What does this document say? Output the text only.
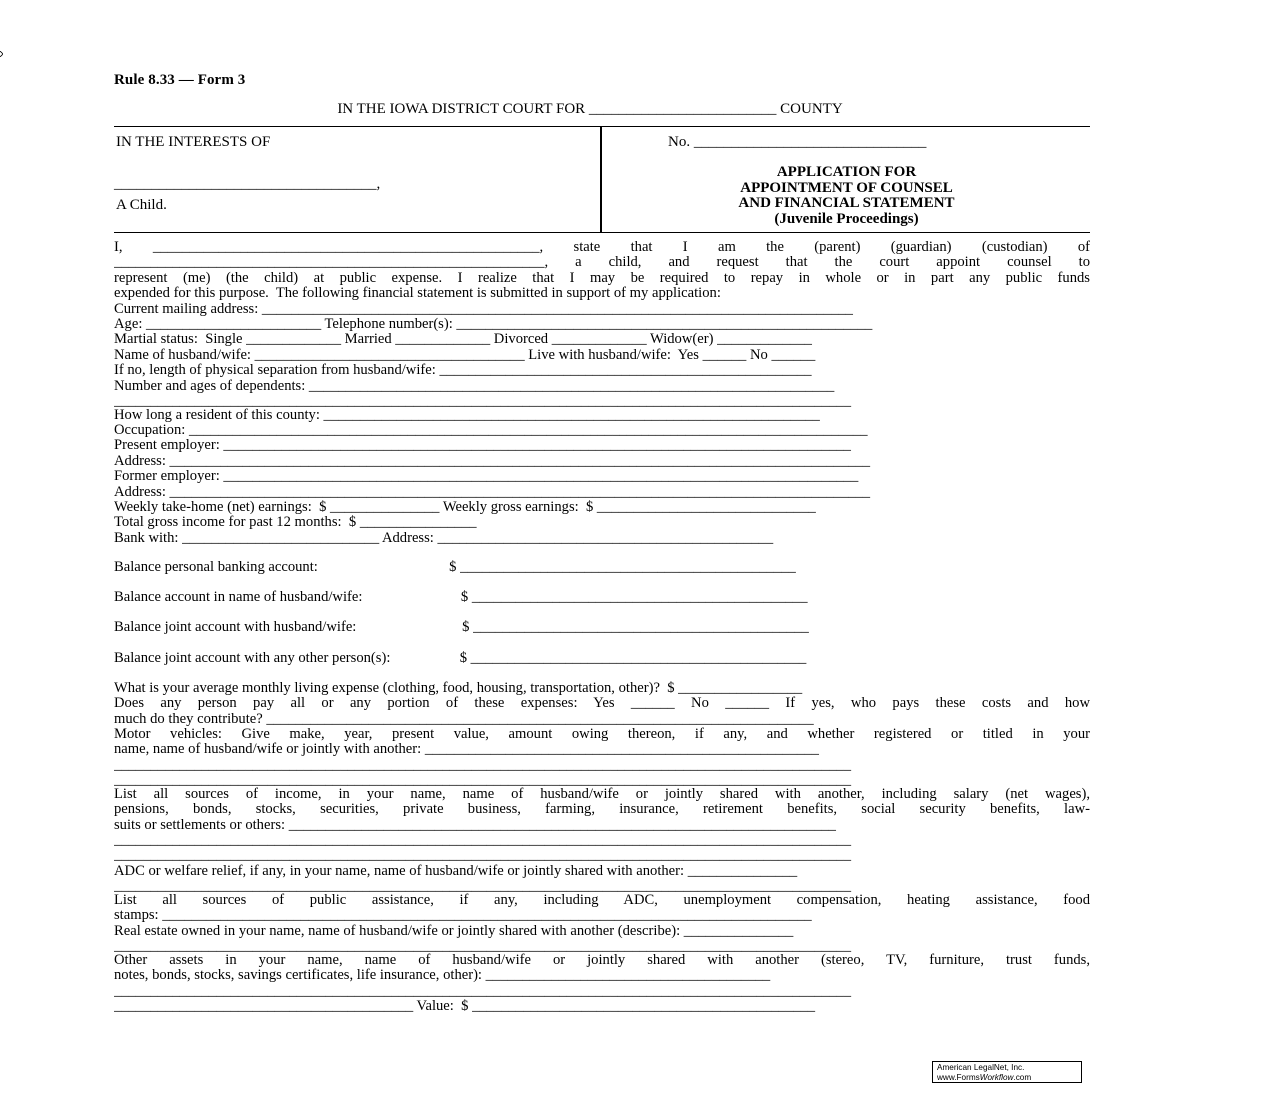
Rule 8.33 — Form 3
IN THE IOWA DISTRICT COURT FOR _________________________ COUNTY
IN THE INTERESTS OF
___________________________________,
A Child.
No. _______________________________
APPLICATION FOR
APPOINTMENT OF COUNSEL
AND FINANCIAL STATEMENT
(Juvenile Proceedings)
I, _____________________________________________________, state that I am the (parent) (guardian) (custodian) of
___________________________________________________________, a child, and request that the court appoint counsel to
represent (me) (the child) at public expense. I realize that I may be required to repay in whole or in part any public funds
expended for this purpose.  The following financial statement is submitted in support of my application:
Current mailing address: _________________________________________________________________________________
Age: ________________________ Telephone number(s): _________________________________________________________
Martial status:  Single _____________ Married _____________ Divorced _____________ Widow(er) _____________
Name of husband/wife: _____________________________________ Live with husband/wife:  Yes ______ No ______
If no, length of physical separation from husband/wife: ___________________________________________________
Number and ages of dependents: ________________________________________________________________________
_____________________________________________________________________________________________________
How long a resident of this county: ____________________________________________________________________
Occupation: _____________________________________________________________________________________________
Present employer: ______________________________________________________________________________________
Address: ________________________________________________________________________________________________
Former employer: _______________________________________________________________________________________
Address: ________________________________________________________________________________________________
Weekly take-home (net) earnings:  $ _______________ Weekly gross earnings:  $ ______________________________
Total gross income for past 12 months:  $ ________________
Bank with: ___________________________ Address: ______________________________________________
Balance personal banking account:                                    $ ______________________________________________
Balance account in name of husband/wife:                           $ ______________________________________________
Balance joint account with husband/wife:                             $ ______________________________________________
Balance joint account with any other person(s):                   $ ______________________________________________
What is your average monthly living expense (clothing, food, housing, transportation, other)?  $ _________________
Does any person pay all or any portion of these expenses: Yes ______ No ______ If yes, who pays these costs and how
much do they contribute? ___________________________________________________________________________
Motor vehicles: Give make, year, present value, amount owing thereon, if any, and whether registered or titled in your
name, name of husband/wife or jointly with another: ______________________________________________________
_____________________________________________________________________________________________________
_____________________________________________________________________________________________________
List all sources of income, in your name, name of husband/wife or jointly shared with another, including salary (net wages),
pensions, bonds, stocks, securities, private business, farming, insurance, retirement benefits, social security benefits, law-
suits or settlements or others: ___________________________________________________________________________
_____________________________________________________________________________________________________
_____________________________________________________________________________________________________
ADC or welfare relief, if any, in your name, name of husband/wife or jointly shared with another: _______________
_____________________________________________________________________________________________________
List all sources of public assistance, if any, including ADC, unemployment compensation, heating assistance, food
stamps: _________________________________________________________________________________________
Real estate owned in your name, name of husband/wife or jointly shared with another (describe): _______________
_____________________________________________________________________________________________________
Other assets in your name, name of husband/wife or jointly shared with another (stereo, TV, furniture, trust funds,
notes, bonds, stocks, savings certificates, life insurance, other): _______________________________________
_____________________________________________________________________________________________________
_________________________________________ Value:  $ _______________________________________________
American LegalNet, Inc.
www.FormsWorkflow.com
